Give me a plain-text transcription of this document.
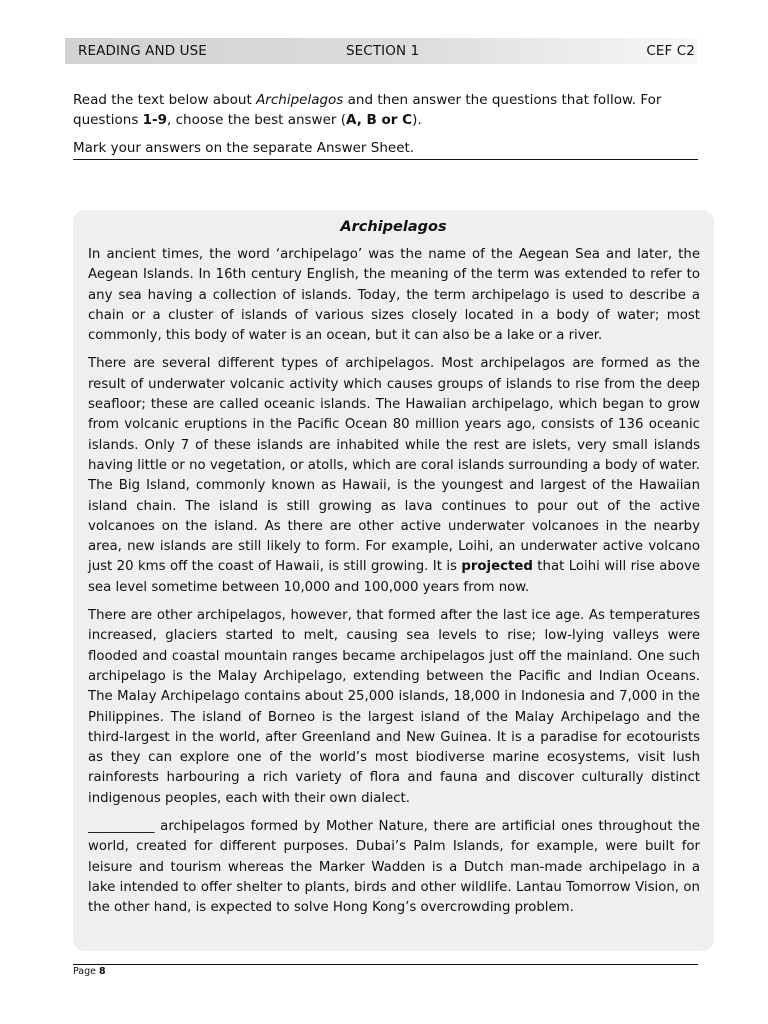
READING AND USE	SECTION 1	CEF C2

Read the text below about Archipelagos and then answer the questions that follow. For questions 1-9, choose the best answer (A, B or C).

Mark your answers on the separate Answer Sheet.

Archipelagos

In ancient times, the word ‘archipelago’ was the name of the Aegean Sea and later, the Aegean Islands. In 16th century English, the meaning of the term was extended to refer to any sea having a collection of islands. Today, the term archipelago is used to describe a chain or a cluster of islands of various sizes closely located in a body of water; most commonly, this body of water is an ocean, but it can also be a lake or a river.

There are several different types of archipelagos. Most archipelagos are formed as the result of underwater volcanic activity which causes groups of islands to rise from the deep seafloor; these are called oceanic islands. The Hawaiian archipelago, which began to grow from volcanic eruptions in the Pacific Ocean 80 million years ago, consists of 136 oceanic islands. Only 7 of these islands are inhabited while the rest are islets, very small islands having little or no vegetation, or atolls, which are coral islands surrounding a body of water. The Big Island, commonly known as Hawaii, is the youngest and largest of the Hawaiian island chain. The island is still growing as lava continues to pour out of the active volcanoes on the island. As there are other active underwater volcanoes in the nearby area, new islands are still likely to form. For example, Loihi, an underwater active volcano just 20 kms off the coast of Hawaii, is still growing. It is projected that Loihi will rise above sea level sometime between 10,000 and 100,000 years from now.

There are other archipelagos, however, that formed after the last ice age. As temperatures increased, glaciers started to melt, causing sea levels to rise; low-lying valleys were flooded and coastal mountain ranges became archipelagos just off the mainland. One such archipelago is the Malay Archipelago, extending between the Pacific and Indian Oceans. The Malay Archipelago contains about 25,000 islands, 18,000 in Indonesia and 7,000 in the Philippines. The island of Borneo is the largest island of the Malay Archipelago and the third-largest in the world, after Greenland and New Guinea. It is a paradise for ecotourists as they can explore one of the world’s most biodiverse marine ecosystems, visit lush rainforests harbouring a rich variety of flora and fauna and discover culturally distinct indigenous peoples, each with their own dialect.

__________ archipelagos formed by Mother Nature, there are artificial ones throughout the world, created for different purposes. Dubai’s Palm Islands, for example, were built for leisure and tourism whereas the Marker Wadden is a Dutch man-made archipelago in a lake intended to offer shelter to plants, birds and other wildlife. Lantau Tomorrow Vision, on the other hand, is expected to solve Hong Kong’s overcrowding problem.

Page 8
